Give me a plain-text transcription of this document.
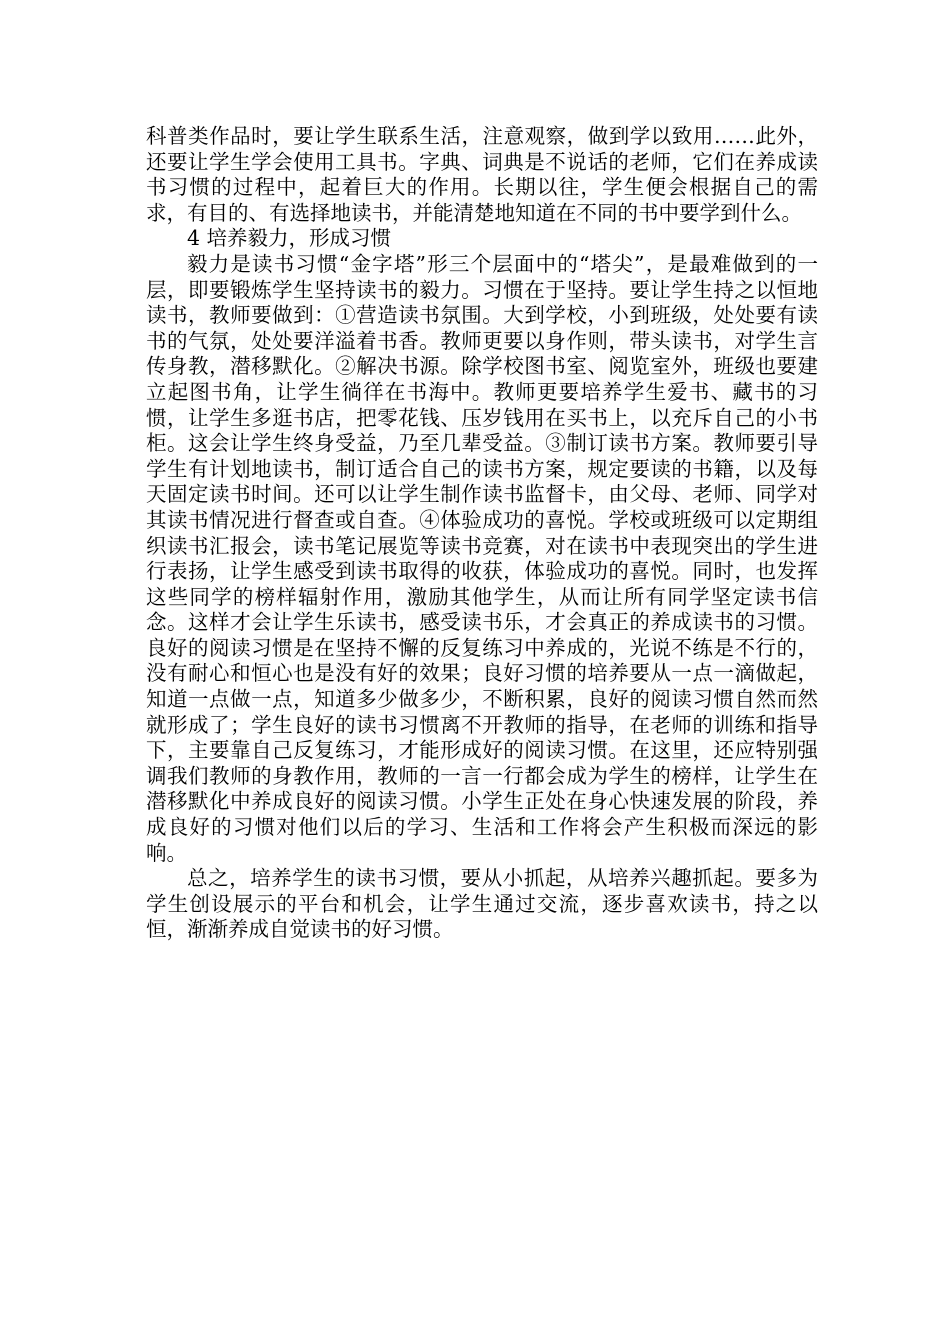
科普类作品时，要让学生联系生活，注意观察，做到学以致用……此外，还要让学生学会使用工具书。字典、词典是不说话的老师，它们在养成读书习惯的过程中，起着巨大的作用。长期以往，学生便会根据自己的需求，有目的、有选择地读书，并能清楚地知道在不同的书中要学到什么。

4 培养毅力，形成习惯

毅力是读书习惯“金字塔”形三个层面中的“塔尖”，是最难做到的一层，即要锻炼学生坚持读书的毅力。习惯在于坚持。要让学生持之以恒地读书，教师要做到：①营造读书氛围。大到学校，小到班级，处处要有读书的气氛，处处要洋溢着书香。教师更要以身作则，带头读书，对学生言传身教，潜移默化。②解决书源。除学校图书室、阅览室外，班级也要建立起图书角，让学生徜徉在书海中。教师更要培养学生爱书、藏书的习惯，让学生多逛书店，把零花钱、压岁钱用在买书上，以充斥自己的小书柜。这会让学生终身受益，乃至几辈受益。③制订读书方案。教师要引导学生有计划地读书，制订适合自己的读书方案，规定要读的书籍，以及每天固定读书时间。还可以让学生制作读书监督卡，由父母、老师、同学对其读书情况进行督查或自查。④体验成功的喜悦。学校或班级可以定期组织读书汇报会，读书笔记展览等读书竞赛，对在读书中表现突出的学生进行表扬，让学生感受到读书取得的收获，体验成功的喜悦。同时，也发挥这些同学的榜样辐射作用，激励其他学生，从而让所有同学坚定读书信念。这样才会让学生乐读书，感受读书乐，才会真正的养成读书的习惯。良好的阅读习惯是在坚持不懈的反复练习中养成的，光说不练是不行的，没有耐心和恒心也是没有好的效果；良好习惯的培养要从一点一滴做起，知道一点做一点，知道多少做多少，不断积累，良好的阅读习惯自然而然就形成了；学生良好的读书习惯离不开教师的指导，在老师的训练和指导下，主要靠自己反复练习，才能形成好的阅读习惯。在这里，还应特别强调我们教师的身教作用，教师的一言一行都会成为学生的榜样，让学生在潜移默化中养成良好的阅读习惯。小学生正处在身心快速发展的阶段，养成良好的习惯对他们以后的学习、生活和工作将会产生积极而深远的影响。

总之，培养学生的读书习惯，要从小抓起，从培养兴趣抓起。要多为学生创设展示的平台和机会，让学生通过交流，逐步喜欢读书，持之以恒，渐渐养成自觉读书的好习惯。
